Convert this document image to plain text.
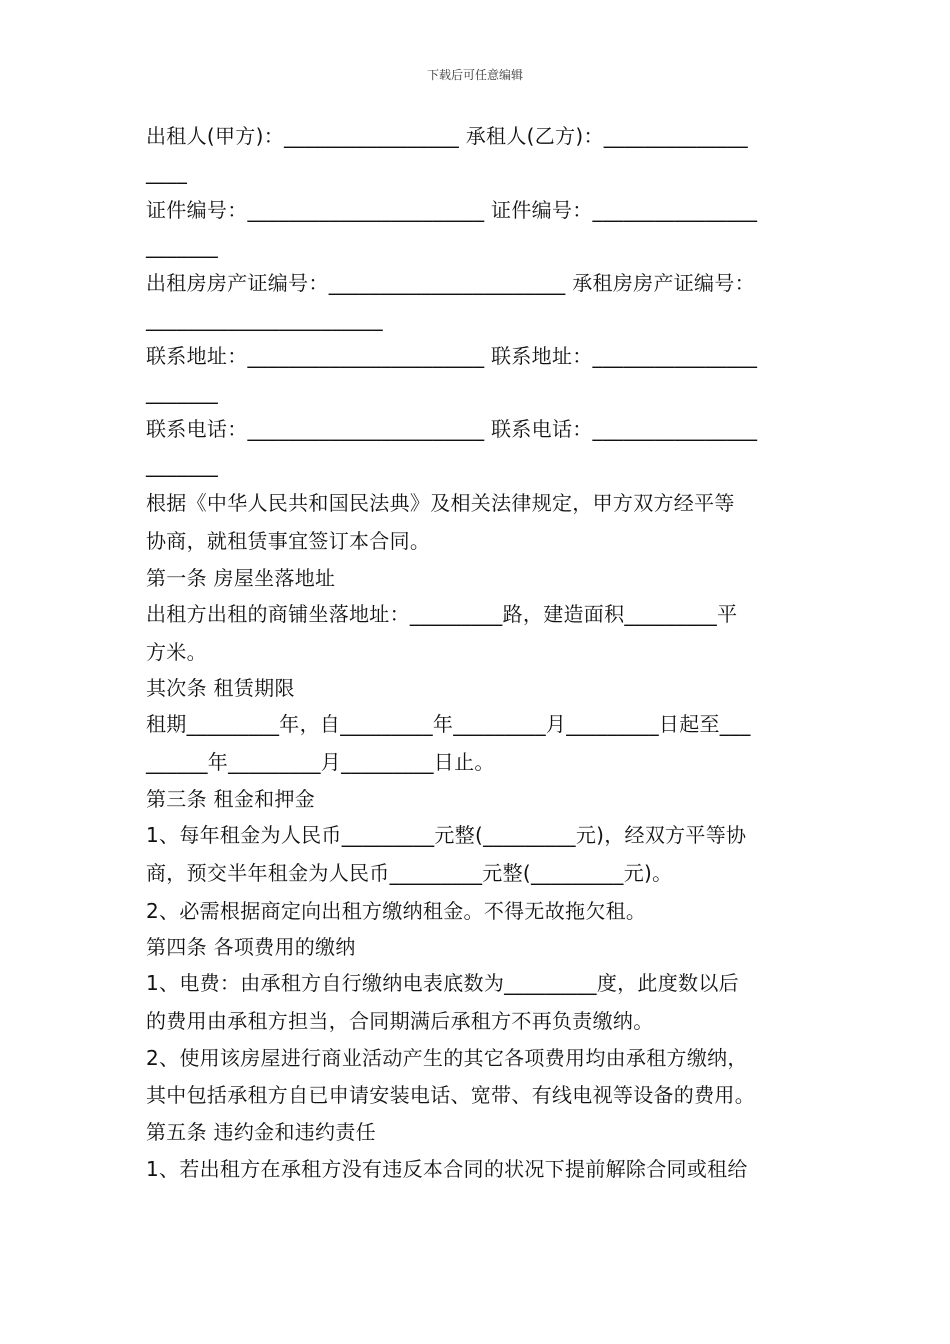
下载后可任意编辑
出租人(甲方)：_________________ 承租人(乙方)：______________
____
证件编号：_______________________ 证件编号：________________
_______
出租房房产证编号：_______________________ 承租房房产证编号：
_______________________
联系地址：_______________________ 联系地址：________________
_______
联系电话：_______________________ 联系电话：________________
_______
根据《中华人民共和国民法典》及相关法律规定，甲方双方经平等
协商，就租赁事宜签订本合同。
第一条 房屋坐落地址
出租方出租的商铺坐落地址：_________路，建造面积_________平
方米。
其次条 租赁期限
租期_________年，自_________年_________月_________日起至___
______年_________月_________日止。
第三条 租金和押金
1、每年租金为人民币_________元整(_________元)，经双方平等协
商，预交半年租金为人民币_________元整(_________元)。
2、必需根据商定向出租方缴纳租金。不得无故拖欠租。
第四条 各项费用的缴纳
1、电费：由承租方自行缴纳电表底数为_________度，此度数以后
的费用由承租方担当，合同期满后承租方不再负责缴纳。
2、使用该房屋进行商业活动产生的其它各项费用均由承租方缴纳，
其中包括承租方自已申请安装电话、宽带、有线电视等设备的费用。
第五条 违约金和违约责任
1、若出租方在承租方没有违反本合同的状况下提前解除合同或租给
